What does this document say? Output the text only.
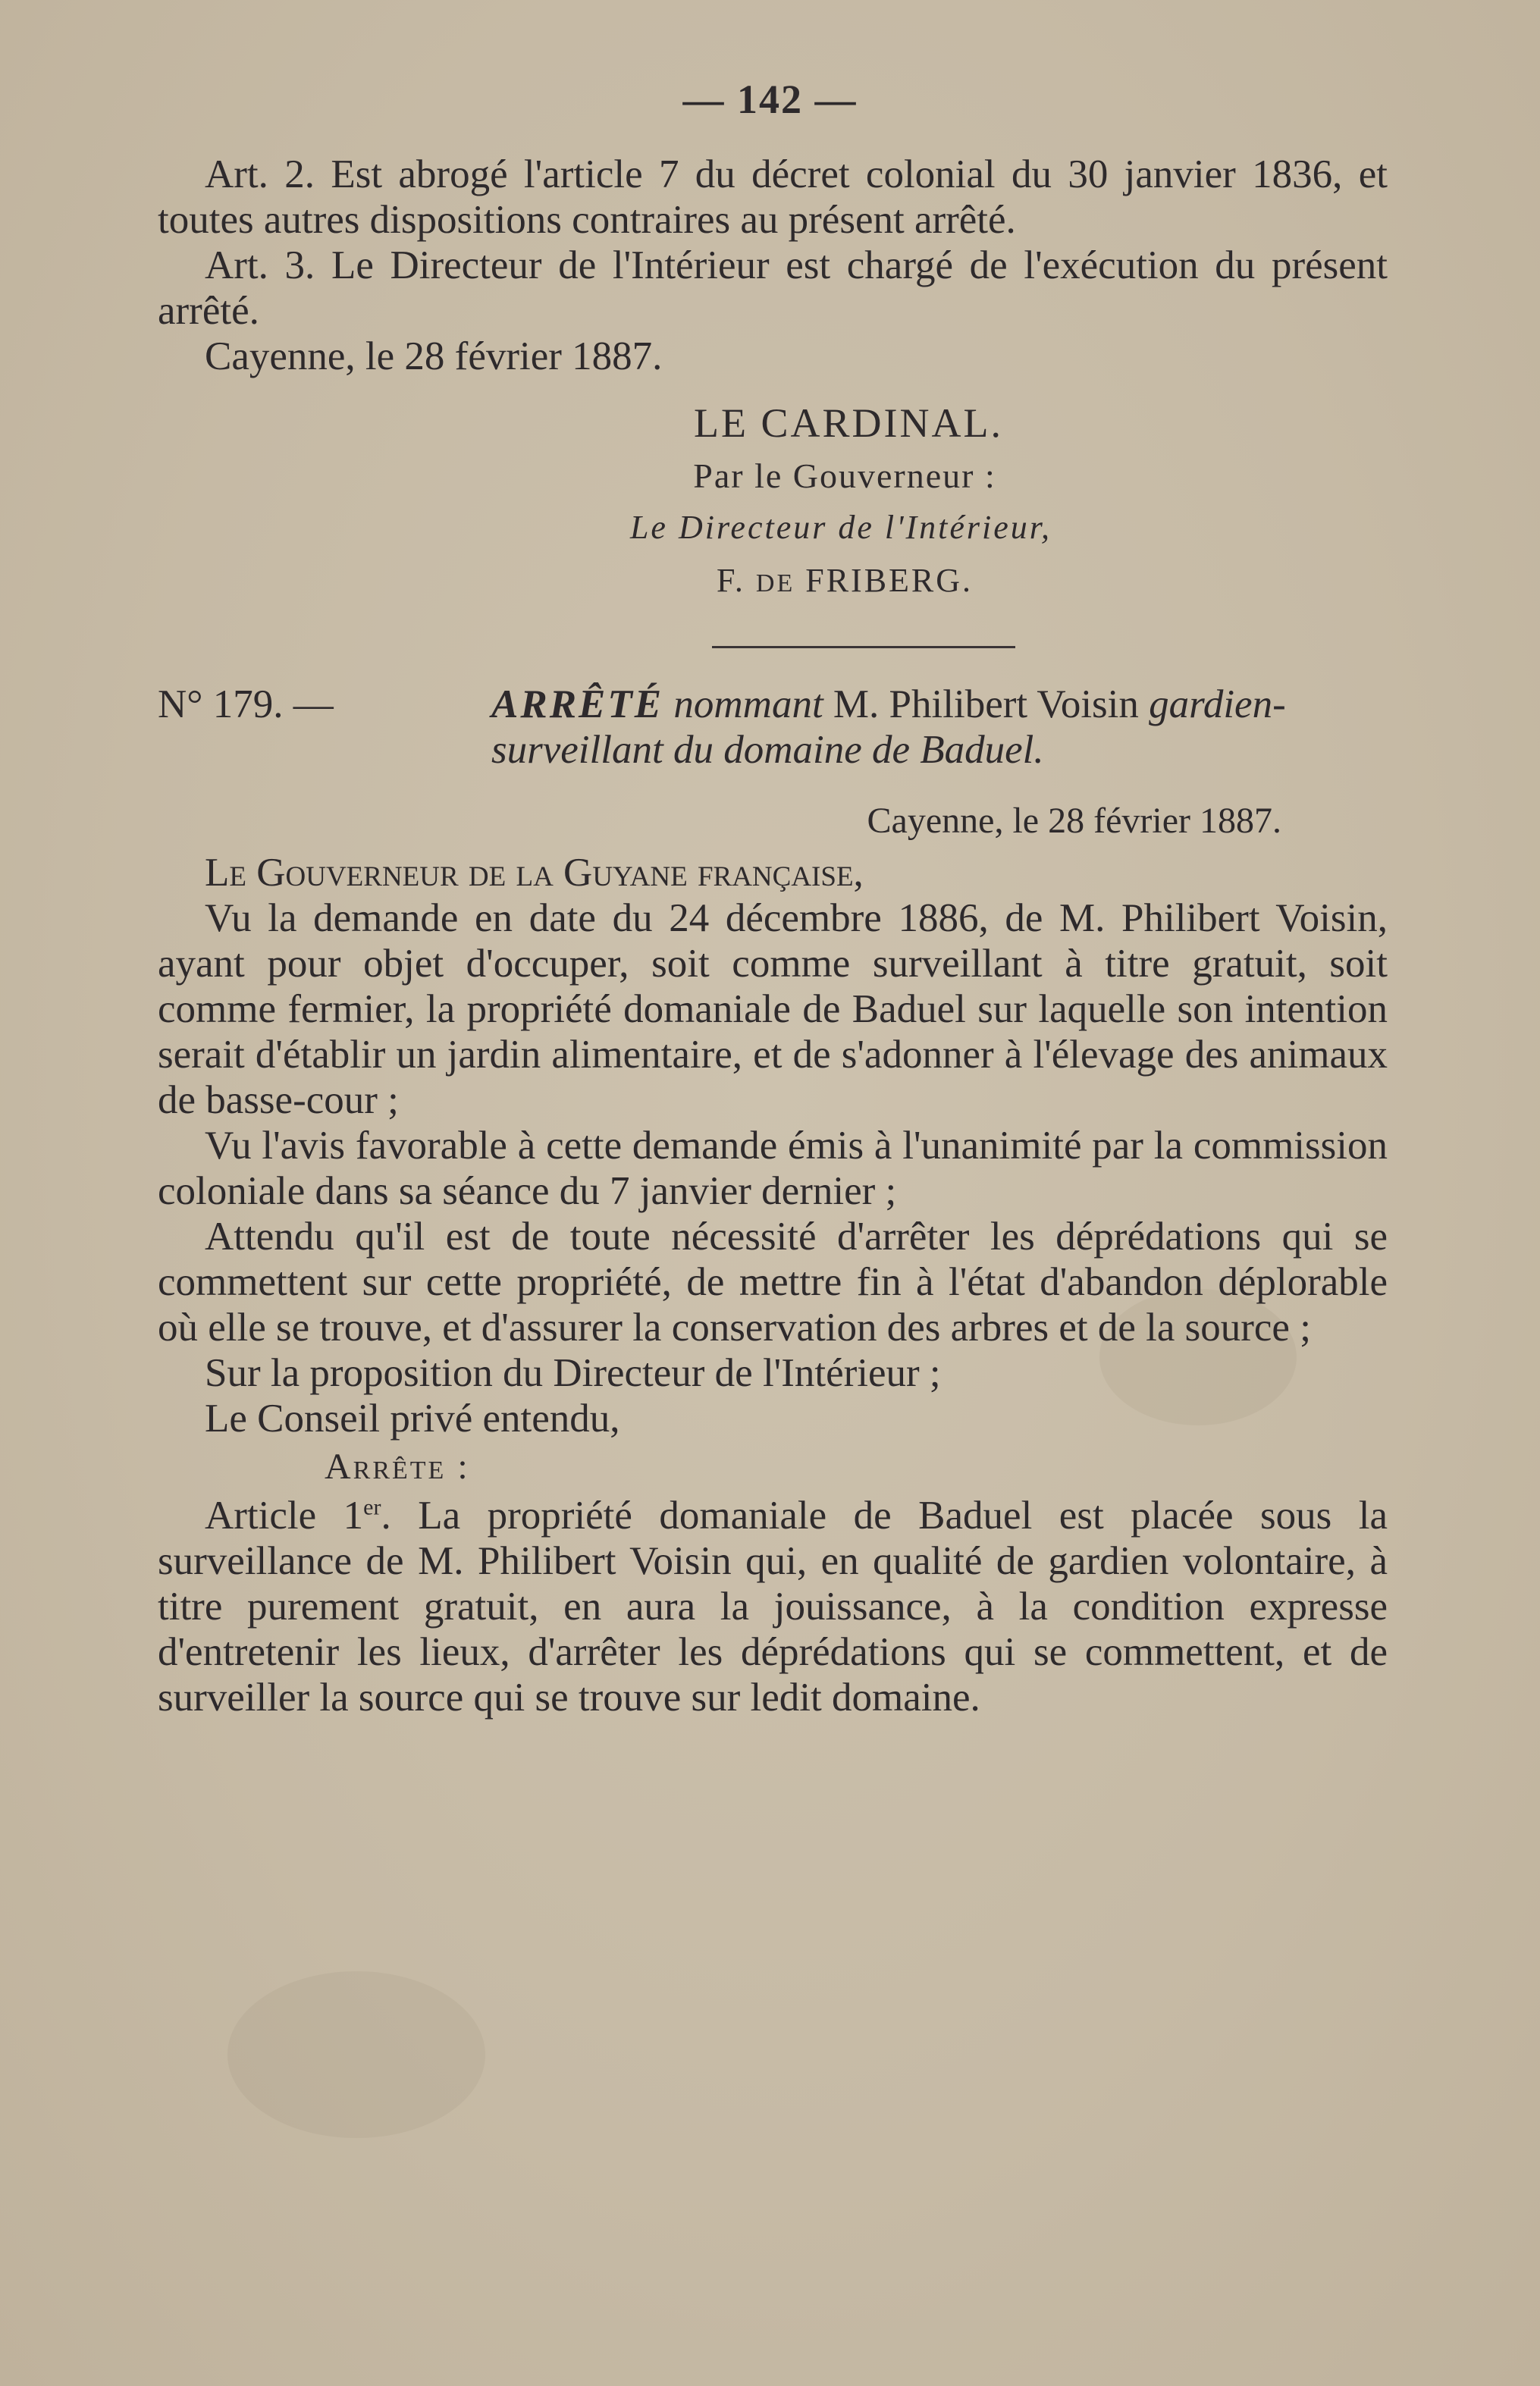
— 142 —

Art. 2. Est abrogé l'article 7 du décret colonial du 30 janvier 1836, et toutes autres dispositions contraires au présent arrêté.

Art. 3. Le Directeur de l'Intérieur est chargé de l'exécution du présent arrêté.

Cayenne, le 28 février 1887.

LE CARDINAL.
Par le Gouverneur :
Le Directeur de l'Intérieur,
F. DE FRIBERG.

N° 179. —	ARRÊTÉ nommant M. Philibert Voisin gardien-surveillant du domaine de Baduel.

Cayenne, le 28 février 1887.

Le Gouverneur de la Guyane française,

Vu la demande en date du 24 décembre 1886, de M. Philibert Voisin, ayant pour objet d'occuper, soit comme surveillant à titre gratuit, soit comme fermier, la propriété domaniale de Baduel sur laquelle son intention serait d'établir un jardin alimentaire, et de s'adonner à l'élevage des animaux de basse-cour ;

Vu l'avis favorable à cette demande émis à l'unanimité par la commission coloniale dans sa séance du 7 janvier dernier ;

Attendu qu'il est de toute nécessité d'arrêter les déprédations qui se commettent sur cette propriété, de mettre fin à l'état d'abandon déplorable où elle se trouve, et d'assurer la conservation des arbres et de la source ;

Sur la proposition du Directeur de l'Intérieur ;

Le Conseil privé entendu,

Arrête :

Article 1er. La propriété domaniale de Baduel est placée sous la surveillance de M. Philibert Voisin qui, en qualité de gardien volontaire, à titre purement gratuit, en aura la jouissance, à la condition expresse d'entretenir les lieux, d'arrêter les déprédations qui se commettent, et de surveiller la source qui se trouve sur ledit domaine.
